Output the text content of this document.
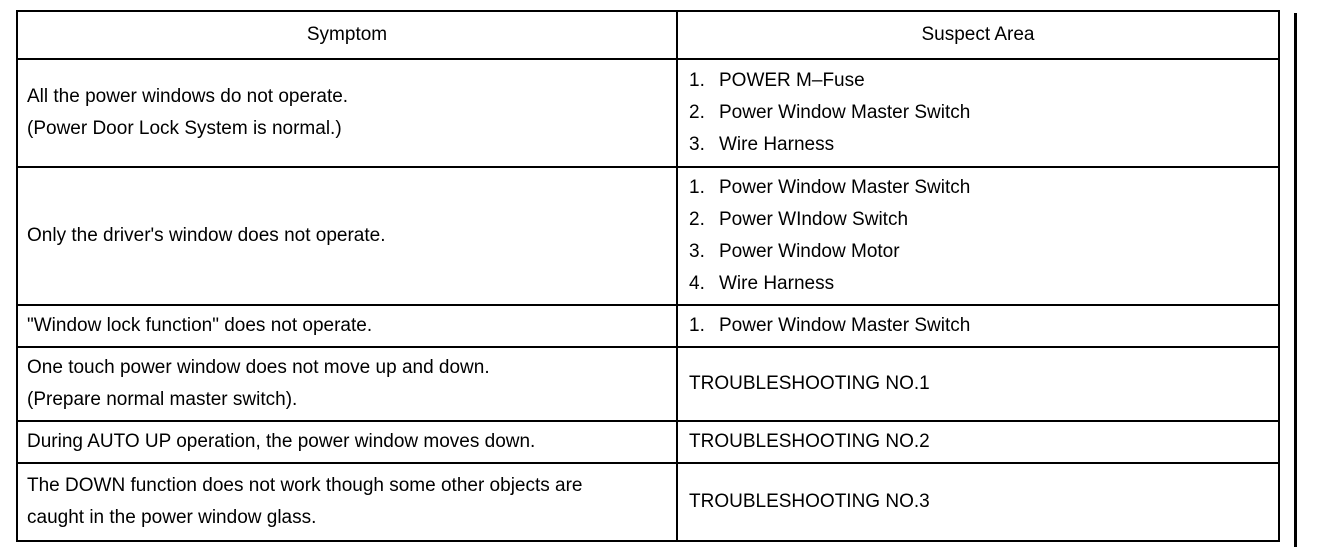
Symptom	Suspect Area

All the power windows do not operate.
(Power Door Lock System is normal.)	1. POWER M–Fuse
2. Power Window Master Switch
3. Wire Harness

Only the driver's window does not operate.	1. Power Window Master Switch
2. Power WIndow Switch
3. Power Window Motor
4. Wire Harness

"Window lock function" does not operate.	1. Power Window Master Switch

One touch power window does not move up and down.
(Prepare normal master switch).	TROUBLESHOOTING NO.1

During AUTO UP operation, the power window moves down.	TROUBLESHOOTING NO.2

The DOWN function does not work though some other objects are
caught in the power window glass.	TROUBLESHOOTING NO.3
